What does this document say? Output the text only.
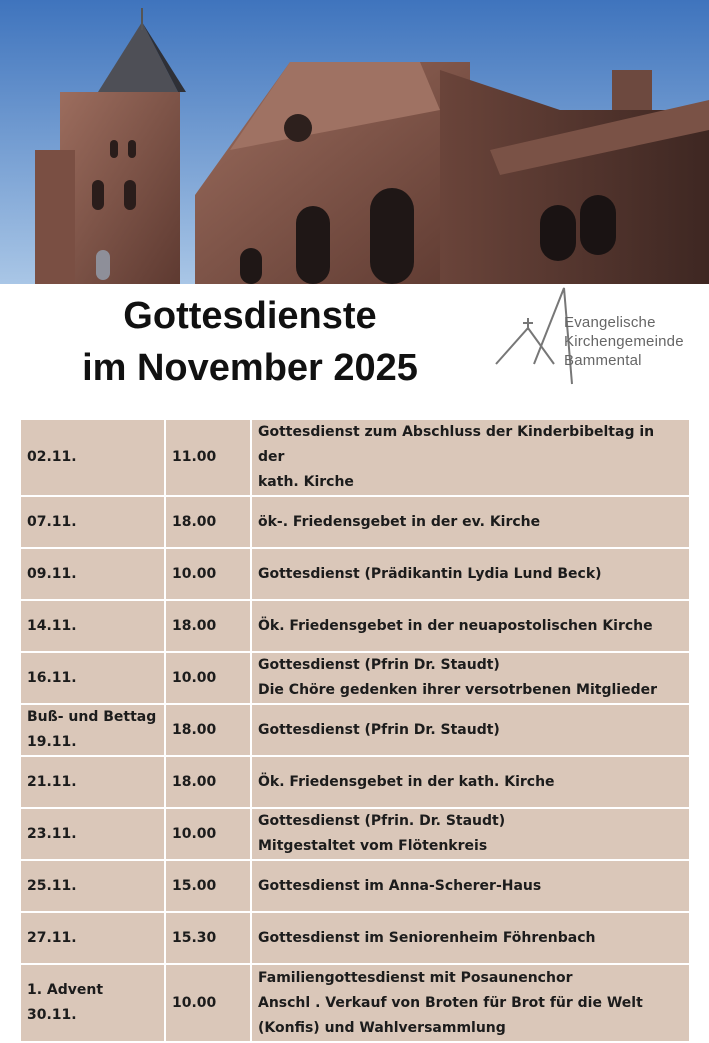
Gottesdienste
im November 2025
Evangelische
Kirchengemeinde
Bammental
02.11.	11.00	Gottesdienst zum Abschluss der Kinderbibeltag in der
kath. Kirche

07.11.	18.00	ök-. Friedensgebet in der ev. Kirche

09.11.	10.00	Gottesdienst (Prädikantin Lydia Lund Beck)

14.11.	18.00	Ök. Friedensgebet in der neuapostolischen Kirche

16.11.	10.00	Gottesdienst (Pfrin Dr. Staudt)
Die Chöre gedenken ihrer versotrbenen Mitglieder

Buß- und Bettag
19.11.	18.00	Gottesdienst (Pfrin Dr. Staudt)

21.11.	18.00	Ök. Friedensgebet in der kath. Kirche

23.11.	10.00	Gottesdienst (Pfrin. Dr. Staudt)
Mitgestaltet vom Flötenkreis

25.11.	15.00	Gottesdienst im Anna-Scherer-Haus

27.11.	15.30	Gottesdienst im Seniorenheim Föhrenbach

1. Advent
30.11.	10.00	Familiengottesdienst mit Posaunenchor
Anschl . Verkauf von Broten für Brot für die Welt
(Konfis) und Wahlversammlung
